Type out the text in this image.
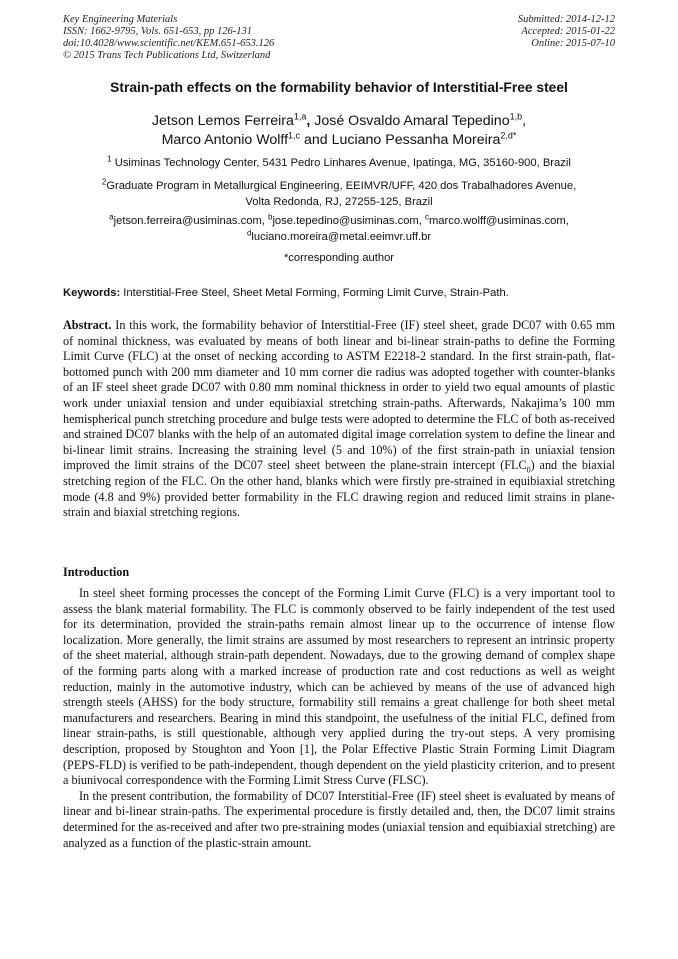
Key Engineering Materials
ISSN: 1662-9795, Vols. 651-653, pp 126-131
doi:10.4028/www.scientific.net/KEM.651-653.126
© 2015 Trans Tech Publications Ltd, Switzerland
Submitted: 2014-12-12
Accepted: 2015-01-22
Online: 2015-07-10
Strain-path effects on the formability behavior of Interstitial-Free steel
Jetson Lemos Ferreira$^{1,a}$, José Osvaldo Amaral Tepedino$^{1,b}$,
Marco Antonio Wolff$^{1,c}$ and Luciano Pessanha Moreira$^{2,d*}$
$^1$ Usiminas Technology Center, 5431 Pedro Linhares Avenue, Ipatinga, MG, 35160-900, Brazil
$^2$Graduate Program in Metallurgical Engineering, EEIMVR/UFF, 420 dos Trabalhadores Avenue,
Volta Redonda, RJ, 27255-125, Brazil
$^a$jetson.ferreira@usiminas.com, $^b$jose.tepedino@usiminas.com, $^c$marco.wolff@usiminas.com,
$^d$luciano.moreira@metal.eeimvr.uff.br
*corresponding author
Keywords: Interstitial-Free Steel, Sheet Metal Forming, Forming Limit Curve, Strain-Path.
Abstract. In this work, the formability behavior of Interstitial-Free (IF) steel sheet, grade DC07 with 0.65 mm of nominal thickness, was evaluated by means of both linear and bi-linear strain-paths to define the Forming Limit Curve (FLC) at the onset of necking according to ASTM E2218-2 standard. In the first strain-path, flat-bottomed punch with 200 mm diameter and 10 mm corner die radius was adopted together with counter-blanks of an IF steel sheet grade DC07 with 0.80 mm nominal thickness in order to yield two equal amounts of plastic work under uniaxial tension and under equibiaxial stretching strain-paths. Afterwards, Nakajima’s 100 mm hemispherical punch stretching procedure and bulge tests were adopted to determine the FLC of both as-received and strained DC07 blanks with the help of an automated digital image correlation system to define the linear and bi-linear limit strains. Increasing the straining level (5 and 10%) of the first strain-path in uniaxial tension improved the limit strains of the DC07 steel sheet between the plane-strain intercept $(FLC_0)$ and the biaxial stretching region of the FLC. On the other hand, blanks which were firstly pre-strained in equibiaxial stretching mode (4.8 and 9%) provided better formability in the FLC drawing region and reduced limit strains in plane-strain and biaxial stretching regions.
Introduction

In steel sheet forming processes the concept of the Forming Limit Curve (FLC) is a very important tool to assess the blank material formability. The FLC is commonly observed to be fairly independent of the test used for its determination, provided the strain-paths remain almost linear up to the occurrence of intense flow localization. More generally, the limit strains are assumed by most researchers to represent an intrinsic property of the sheet material, although strain-path dependent. Nowadays, due to the growing demand of complex shape of the forming parts along with a marked increase of production rate and cost reductions as well as weight reduction, mainly in the automotive industry, which can be achieved by means of the use of advanced high strength steels (AHSS) for the body structure, formability still remains a great challenge for both sheet metal manufacturers and researchers. Bearing in mind this standpoint, the usefulness of the initial FLC, defined from linear strain-paths, is still questionable, although very applied during the try-out steps. A very promising description, proposed by Stoughton and Yoon [1], the Polar Effective Plastic Strain Forming Limit Diagram (PEPS-FLD) is verified to be path-independent, though dependent on the yield plasticity criterion, and to present a biunivocal correspondence with the Forming Limit Stress Curve (FLSC).

In the present contribution, the formability of DC07 Interstitial-Free (IF) steel sheet is evaluated by means of linear and bi-linear strain-paths. The experimental procedure is firstly detailed and, then, the DC07 limit strains determined for the as-received and after two pre-straining modes (uniaxial tension and equibiaxial stretching) are analyzed as a function of the plastic-strain amount.
